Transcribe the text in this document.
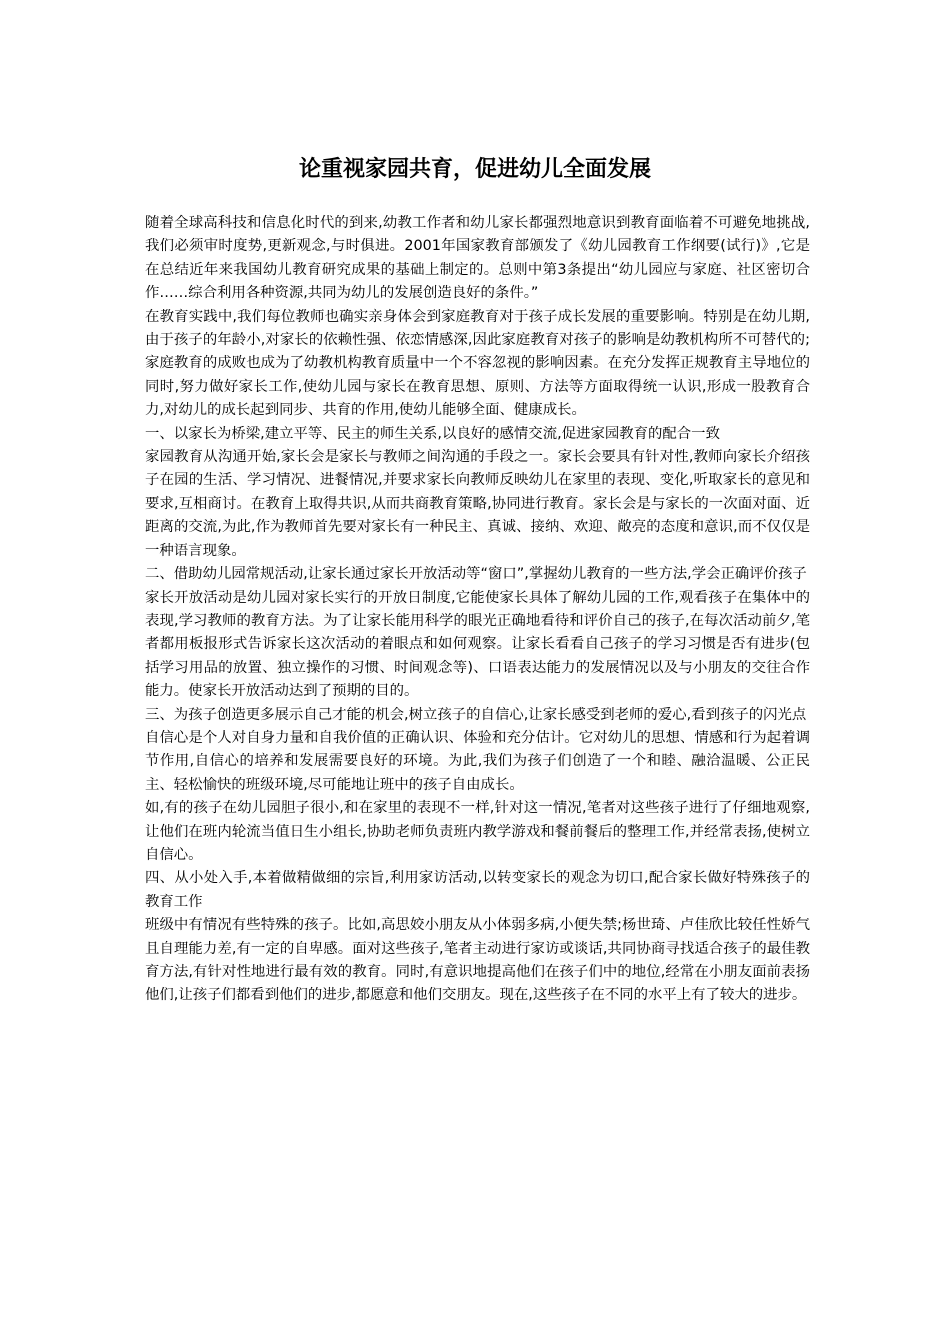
论重视家园共育，促进幼儿全面发展

随着全球高科技和信息化时代的到来,幼教工作者和幼儿家长都强烈地意识到教育面临着不可避免地挑战,我们必须审时度势,更新观念,与时俱进。2001年国家教育部颁发了《幼儿园教育工作纲要(试行)》,它是在总结近年来我国幼儿教育研究成果的基础上制定的。总则中第3条提出“幼儿园应与家庭、社区密切合作……综合利用各种资源,共同为幼儿的发展创造良好的条件。”

在教育实践中,我们每位教师也确实亲身体会到家庭教育对于孩子成长发展的重要影响。特别是在幼儿期,由于孩子的年龄小,对家长的依赖性强、依恋情感深,因此家庭教育对孩子的影响是幼教机构所不可替代的;家庭教育的成败也成为了幼教机构教育质量中一个不容忽视的影响因素。在充分发挥正规教育主导地位的同时,努力做好家长工作,使幼儿园与家长在教育思想、原则、方法等方面取得统一认识,形成一股教育合力,对幼儿的成长起到同步、共育的作用,使幼儿能够全面、健康成长。

一、以家长为桥梁,建立平等、民主的师生关系,以良好的感情交流,促进家园教育的配合一致

家园教育从沟通开始,家长会是家长与教师之间沟通的手段之一。家长会要具有针对性,教师向家长介绍孩子在园的生活、学习情况、进餐情况,并要求家长向教师反映幼儿在家里的表现、变化,听取家长的意见和要求,互相商讨。在教育上取得共识,从而共商教育策略,协同进行教育。家长会是与家长的一次面对面、近距离的交流,为此,作为教师首先要对家长有一种民主、真诚、接纳、欢迎、敞亮的态度和意识,而不仅仅是一种语言现象。

二、借助幼儿园常规活动,让家长通过家长开放活动等“窗口”,掌握幼儿教育的一些方法,学会正确评价孩子

家长开放活动是幼儿园对家长实行的开放日制度,它能使家长具体了解幼儿园的工作,观看孩子在集体中的表现,学习教师的教育方法。为了让家长能用科学的眼光正确地看待和评价自己的孩子,在每次活动前夕,笔者都用板报形式告诉家长这次活动的着眼点和如何观察。让家长看看自己孩子的学习习惯是否有进步(包括学习用品的放置、独立操作的习惯、时间观念等)、口语表达能力的发展情况以及与小朋友的交往合作能力。使家长开放活动达到了预期的目的。

三、为孩子创造更多展示自己才能的机会,树立孩子的自信心,让家长感受到老师的爱心,看到孩子的闪光点

自信心是个人对自身力量和自我价值的正确认识、体验和充分估计。它对幼儿的思想、情感和行为起着调节作用,自信心的培养和发展需要良好的环境。为此,我们为孩子们创造了一个和睦、融洽温暖、公正民主、轻松愉快的班级环境,尽可能地让班中的孩子自由成长。

如,有的孩子在幼儿园胆子很小,和在家里的表现不一样,针对这一情况,笔者对这些孩子进行了仔细地观察,让他们在班内轮流当值日生小组长,协助老师负责班内教学游戏和餐前餐后的整理工作,并经常表扬,使树立自信心。

四、从小处入手,本着做精做细的宗旨,利用家访活动,以转变家长的观念为切口,配合家长做好特殊孩子的教育工作

班级中有情况有些特殊的孩子。比如,高思姣小朋友从小体弱多病,小便失禁;杨世琦、卢佳欣比较任性娇气且自理能力差,有一定的自卑感。面对这些孩子,笔者主动进行家访或谈话,共同协商寻找适合孩子的最佳教育方法,有针对性地进行最有效的教育。同时,有意识地提高他们在孩子们中的地位,经常在小朋友面前表扬他们,让孩子们都看到他们的进步,都愿意和他们交朋友。现在,这些孩子在不同的水平上有了较大的进步。
